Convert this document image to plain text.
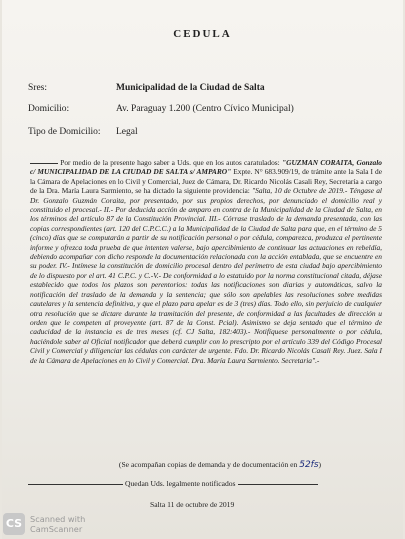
CEDULA
Sres:	Municipalidad de la Ciudad de Salta
Domicilio:	Av. Paraguay 1.200 (Centro Cívico Municipal)
Tipo de Domicilio: Legal
Por medio de la presente hago saber a Uds. que en los autos caratulados: "GUZMAN CORAITA, Gonzalo c/ MUNICIPALIDAD DE LA CIUDAD DE SALTA s/ AMPARO" Expte. N° 683.909/19, de trámite ante la Sala I de la Cámara de Apelaciones en lo Civil y Comercial, Juez de Cámara, Dr. Ricardo Nicolás Casali Rey, Secretaría a cargo de la Dra. María Laura Sarmiento, se ha dictado la siguiente providencia: "Salta, 10 de Octubre de 2019.- Téngase al Dr. Gonzalo Guzmán Coraita, por presentado, por sus propios derechos, por denunciado el domicilio real y constituido el procesal.- II.- Por deducida acción de amparo en contra de la Municipalidad de la Ciudad de Salta, en los términos del artículo 87 de la Constitución Provincial. III.- Córrase traslado de la demanda presentada, con las copias correspondientes (art. 120 del C.P.C.C.) a la Municipalidad de la Ciudad de Salta para que, en el término de 5 (cinco) días que se computarán a partir de su notificación personal o por cédula, comparezca, produzca el pertinente informe y ofrezca toda prueba de que intenten valerse, bajo apercibimiento de continuar las actuaciones en rebeldía, debiendo acompañar con dicho responde la documentación relacionada con la acción entablada, que se encuentre en su poder. IV.- Intímese la constitución de domicilio procesal dentro del perímetro de esta ciudad bajo apercibimiento de lo dispuesto por el art. 41 C.P.C. y C.-V.- De conformidad a lo estatuido por la norma constitucional citada, déjase establecido que todos los plazos son perentorios: todas las notificaciones son diarias y automáticas, salvo la notificación del traslado de la demanda y la sentencia; que sólo son apelables las resoluciones sobre medidas cautelares y la sentencia definitiva, y que el plazo para apelar es de 3 (tres) días. Todo ello, sin perjuicio de cualquier otra resolución que se dictare durante la tramitación del presente, de conformidad a las facultades de dirección u orden que le competen al proveyente (art. 87 de la Const. Pcial). Asimismo se deja sentado que el término de caducidad de la instancia es de tres meses (cf. CJ Salta, 182:403).- Notifíquese personalmente o por cédula, haciéndole saber al Oficial notificador que deberá cumplir con lo prescripto por el artículo 339 del Código Procesal Civil y Comercial y diligenciar las cédulas con carácter de urgente. Fdo. Dr. Ricardo Nicolás Casali Rey. Juez. Sala I de la Cámara de Apelaciones en lo Civil y Comercial. Dra. María Laura Sarmiento. Secretaria".-
(Se acompañan copias de demanda y de documentación en 52fs)
Quedan Uds. legalmente notificados
Salta 11 de octubre de 2019
CS Scanned with
CamScanner
